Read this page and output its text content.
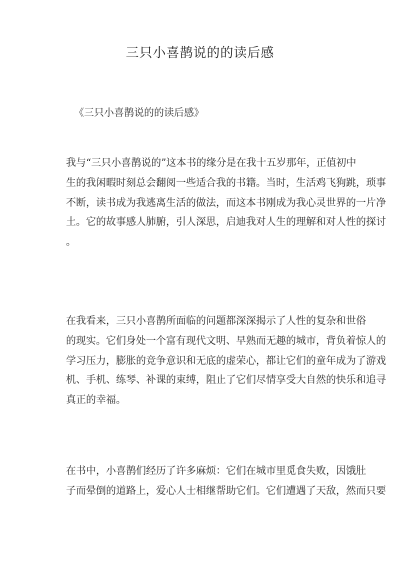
三只小喜鹊说的的读后感
《三只小喜鹊说的的读后感》
我与“三只小喜鹊说的”这本书的缘分是在我十五岁那年，正值初中
生的我闲暇时刻总会翻阅一些适合我的书籍。当时，生活鸡飞狗跳，琐事
不断，读书成为我逃离生活的做法，而这本书刚成为我心灵世界的一片净
土。它的故事感人肺腑，引人深思，启迪我对人生的理解和对人性的探讨
。
在我看来，三只小喜鹊所面临的问题都深深揭示了人性的复杂和世俗
的现实。它们身处一个富有现代文明、早熟而无趣的城市，背负着惊人的
学习压力，膨胀的竞争意识和无底的虚荣心，都让它们的童年成为了游戏
机、手机、练琴、补课的束缚，阻止了它们尽情享受大自然的快乐和追寻
真正的幸福。
在书中，小喜鹊们经历了许多麻烦：它们在城市里觅食失败，因饿肚
子而晕倒的道路上，爱心人士相继帮助它们。它们遭遇了天敌，然而只要
